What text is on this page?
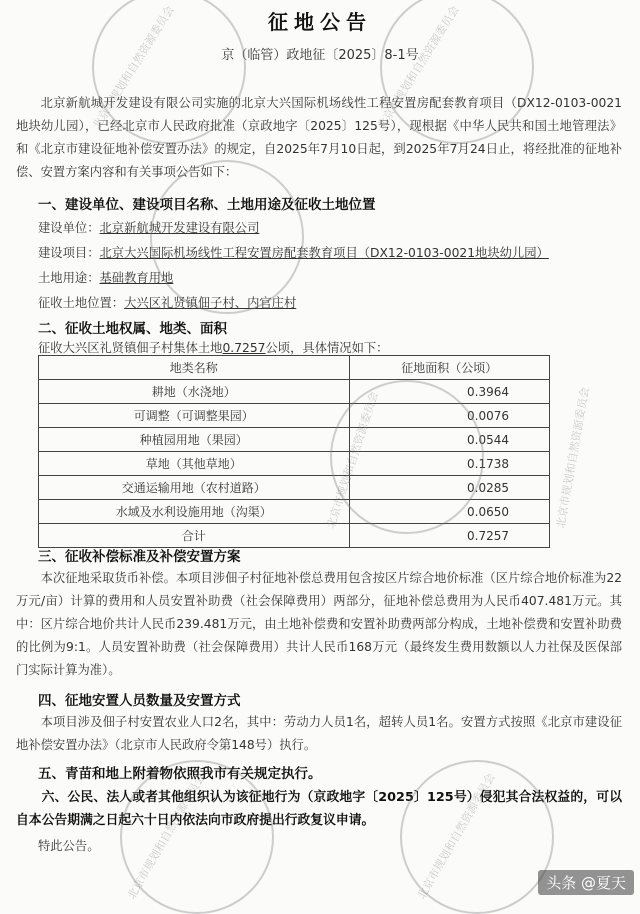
征地公告
京（临管）政地征〔2025〕8-1号
北京新航城开发建设有限公司实施的北京大兴国际机场线性工程安置房配套教育项目（DX12-0103-0021地块幼儿园），已经北京市人民政府批准（京政地字〔2025〕125号），现根据《中华人民共和国土地管理法》和《北京市建设征地补偿安置办法》的规定，自2025年7月10日起，到2025年7月24日止，将经批准的征地补偿、安置方案内容和有关事项公告如下：
一、建设单位、建设项目名称、土地用途及征收土地位置
建设单位：北京新航城开发建设有限公司
建设项目：北京大兴国际机场线性工程安置房配套教育项目（DX12-0103-0021地块幼儿园）
土地用途：基础教育用地
征收土地位置：大兴区礼贤镇佃子村、内官庄村
二、征收土地权属、地类、面积
征收大兴区礼贤镇佃子村集体土地0.7257公顷，具体情况如下：
地类名称	征地面积（公顷）
耕地（水浇地）	0.3964
可调整（可调整果园）	0.0076
种植园用地（果园）	0.0544
草地（其他草地）	0.1738
交通运输用地（农村道路）	0.0285
水域及水利设施用地（沟渠）	0.0650
合计	0.7257
三、征收补偿标准及补偿安置方案
本次征地采取货币补偿。本项目涉佃子村征地补偿总费用包含按区片综合地价标准（区片综合地价标准为22万元/亩）计算的费用和人员安置补助费（社会保障费用）两部分，征地补偿总费用为人民币407.481万元。其中：区片综合地价共计人民币239.481万元，由土地补偿费和安置补助费两部分构成，土地补偿费和安置补助费的比例为9:1。人员安置补助费（社会保障费用）共计人民币168万元（最终发生费用数额以人力社保及医保部门实际计算为准）。
四、征地安置人员数量及安置方式
本项目涉及佃子村安置农业人口2名，其中：劳动力人员1名，超转人员1名。安置方式按照《北京市建设征地补偿安置办法》（北京市人民政府令第148号）执行。
五、青苗和地上附着物依照我市有关规定执行。
六、公民、法人或者其他组织认为该征地行为（京政地字〔2025〕125号）侵犯其合法权益的，可以自本公告期满之日起六十日内依法向市政府提出行政复议申请。
特此公告。
北京市规划和自然资源委员会	北京市规划和自然资源委员会
北京市规划和自然资源委员会	北京市规划和自然资源委员会
北京市规划和自然资源委员会	北京市规划和自然资源委员会	头条 @夏天
